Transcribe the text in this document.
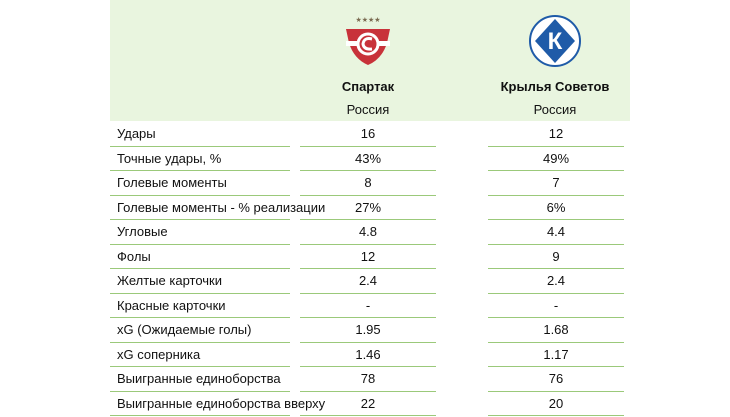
★★★★
Спартак
Россия
К
Крылья Советов
Россия
Удары	16	12
Точные удары, %	43%	49%
Голевые моменты	8	7
Голевые моменты - % реализации	27%	6%
Угловые	4.8	4.4
Фолы	12	9
Желтые карточки	2.4	2.4
Красные карточки	-	-
xG (Ожидаемые голы)	1.95	1.68
xG соперника	1.46	1.17
Выигранные единоборства	78	76
Выигранные единоборства вверху	22	20
